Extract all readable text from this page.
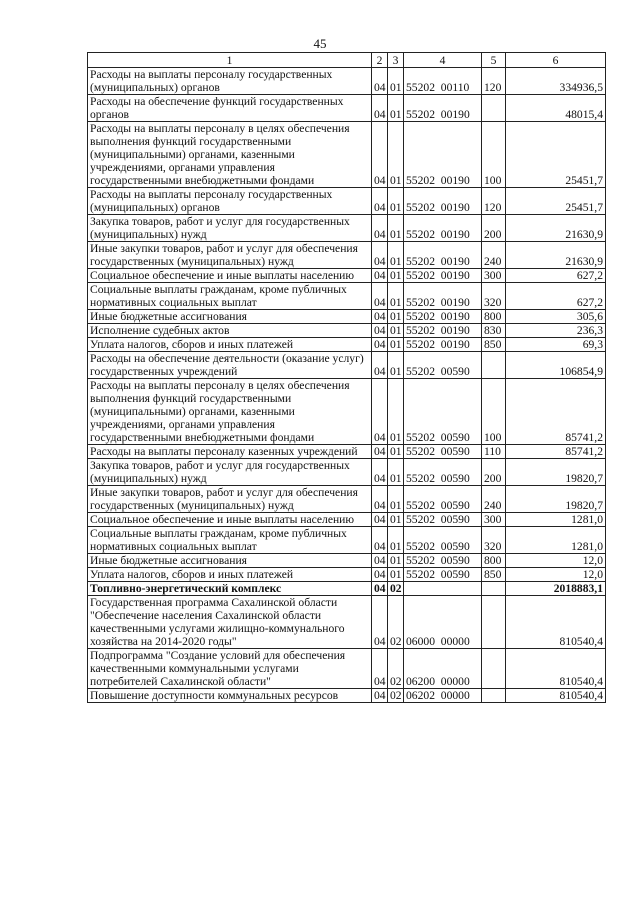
45
1	2	3	4	5	6
Расходы на выплаты персоналу государственных (муниципальных) органов	04	01	55202  00110	120	334936,5
Расходы на обеспечение функций государственных органов	04	01	55202  00190		48015,4
Расходы на выплаты персоналу в целях обеспечения выполнения функций государственными (муниципальными) органами, казенными учреждениями, органами управления государственными внебюджетными фондами	04	01	55202  00190	100	25451,7
Расходы на выплаты персоналу государственных (муниципальных) органов	04	01	55202  00190	120	25451,7
Закупка товаров, работ и услуг для государственных (муниципальных) нужд	04	01	55202  00190	200	21630,9
Иные закупки товаров, работ и услуг для обеспечения государственных (муниципальных) нужд	04	01	55202  00190	240	21630,9
Социальное обеспечение и иные выплаты населению	04	01	55202  00190	300	627,2
Социальные выплаты гражданам, кроме публичных нормативных социальных выплат	04	01	55202  00190	320	627,2
Иные бюджетные ассигнования	04	01	55202  00190	800	305,6
Исполнение судебных актов	04	01	55202  00190	830	236,3
Уплата налогов, сборов и иных платежей	04	01	55202  00190	850	69,3
Расходы на обеспечение деятельности (оказание услуг) государственных учреждений	04	01	55202  00590		106854,9
Расходы на выплаты персоналу в целях обеспечения выполнения функций государственными (муниципальными) органами, казенными учреждениями, органами управления государственными внебюджетными фондами	04	01	55202  00590	100	85741,2
Расходы на выплаты персоналу казенных учреждений	04	01	55202  00590	110	85741,2
Закупка товаров, работ и услуг для государственных (муниципальных) нужд	04	01	55202  00590	200	19820,7
Иные закупки товаров, работ и услуг для обеспечения государственных (муниципальных) нужд	04	01	55202  00590	240	19820,7
Социальное обеспечение и иные выплаты населению	04	01	55202  00590	300	1281,0
Социальные выплаты гражданам, кроме публичных нормативных социальных выплат	04	01	55202  00590	320	1281,0
Иные бюджетные ассигнования	04	01	55202  00590	800	12,0
Уплата налогов, сборов и иных платежей	04	01	55202  00590	850	12,0
Топливно-энергетический комплекс	04	02			2018883,1
Государственная программа Сахалинской области "Обеспечение населения Сахалинской области качественными услугами жилищно-коммунального хозяйства на 2014-2020 годы"	04	02	06000  00000		810540,4
Подпрограмма "Создание условий для обеспечения качественными коммунальными услугами потребителей Сахалинской области"	04	02	06200  00000		810540,4
Повышение доступности коммунальных ресурсов	04	02	06202  00000		810540,4
